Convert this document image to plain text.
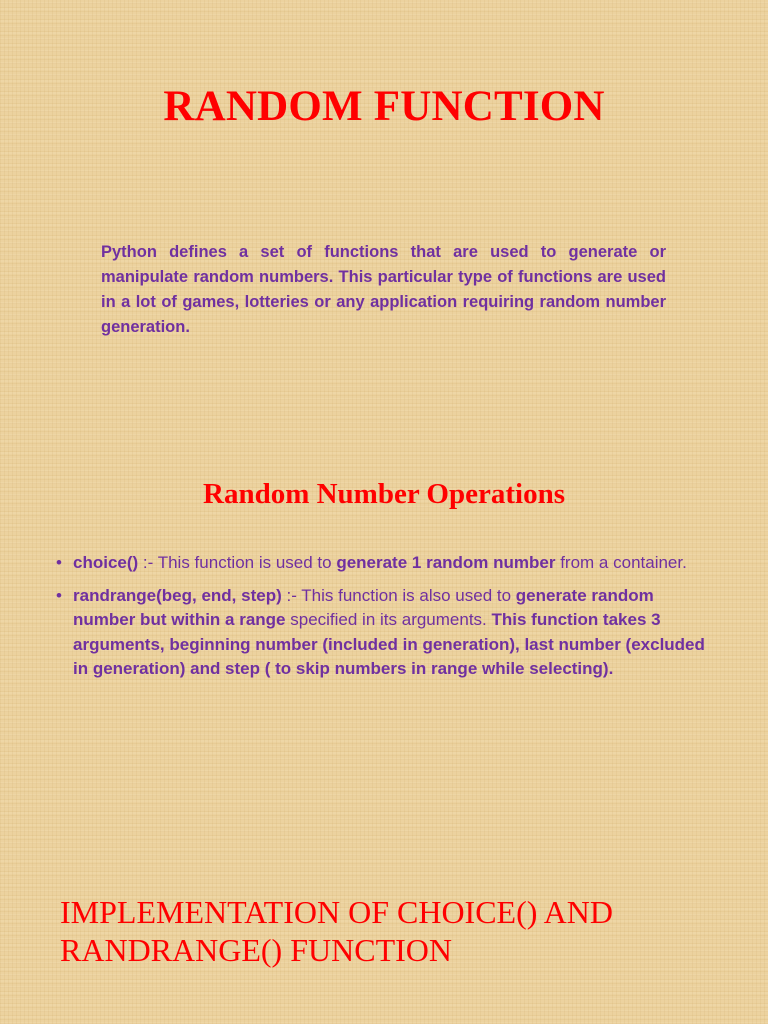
RANDOM FUNCTION

Python defines a set of functions that are used to generate or manipulate random numbers. This particular type of functions are used in a lot of games, lotteries or any application requiring random number generation.

Random Number Operations
• choice() :- This function is used to generate 1 random number from a container.
• randrange(beg, end, step) :- This function is also used to generate random number but within a range specified in its arguments. This function takes 3 arguments, beginning number (included in generation), last number (excluded in generation) and step ( to skip numbers in range while selecting).
IMPLEMENTATION OF CHOICE() AND
RANDRANGE() FUNCTION
